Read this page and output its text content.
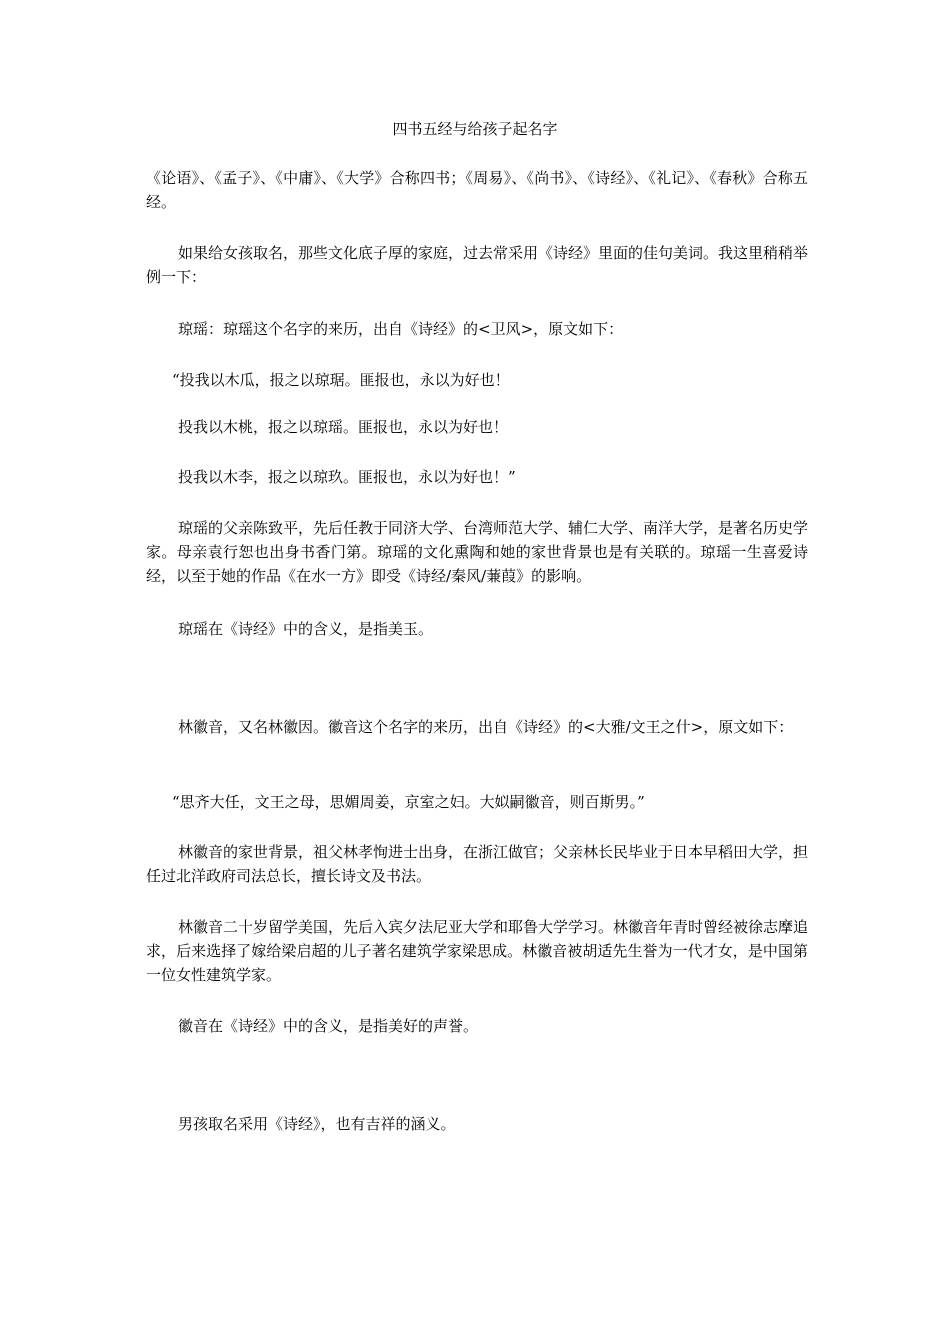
四书五经与给孩子起名字

《论语》、《孟子》、《中庸》、《大学》合称四书；《周易》、《尚书》、《诗经》、《礼记》、《春秋》合称五经。

如果给女孩取名，那些文化底子厚的家庭，过去常采用《诗经》里面的佳句美词。我这里稍稍举例一下：

琼瑶：琼瑶这个名字的来历，出自《诗经》的<卫风>，原文如下：

“投我以木瓜，报之以琼琚。匪报也，永以为好也！

投我以木桃，报之以琼瑶。匪报也，永以为好也！

投我以木李，报之以琼玖。匪报也，永以为好也！”

琼瑶的父亲陈致平，先后任教于同济大学、台湾师范大学、辅仁大学、南洋大学，是著名历史学家。母亲袁行恕也出身书香门第。琼瑶的文化熏陶和她的家世背景也是有关联的。琼瑶一生喜爱诗经，以至于她的作品《在水一方》即受《诗经/秦风/蒹葭》的影响。

琼瑶在《诗经》中的含义，是指美玉。

林徽音，又名林徽因。徽音这个名字的来历，出自《诗经》的<大雅/文王之什>，原文如下：

“思齐大任，文王之母，思媚周姜，京室之妇。大姒嗣徽音，则百斯男。”

林徽音的家世背景，祖父林孝恂进士出身，在浙江做官；父亲林长民毕业于日本早稻田大学，担任过北洋政府司法总长，擅长诗文及书法。

林徽音二十岁留学美国，先后入宾夕法尼亚大学和耶鲁大学学习。林徽音年青时曾经被徐志摩追求，后来选择了嫁给梁启超的儿子著名建筑学家梁思成。林徽音被胡适先生誉为一代才女，是中国第一位女性建筑学家。

徽音在《诗经》中的含义，是指美好的声誉。

男孩取名采用《诗经》，也有吉祥的涵义。
